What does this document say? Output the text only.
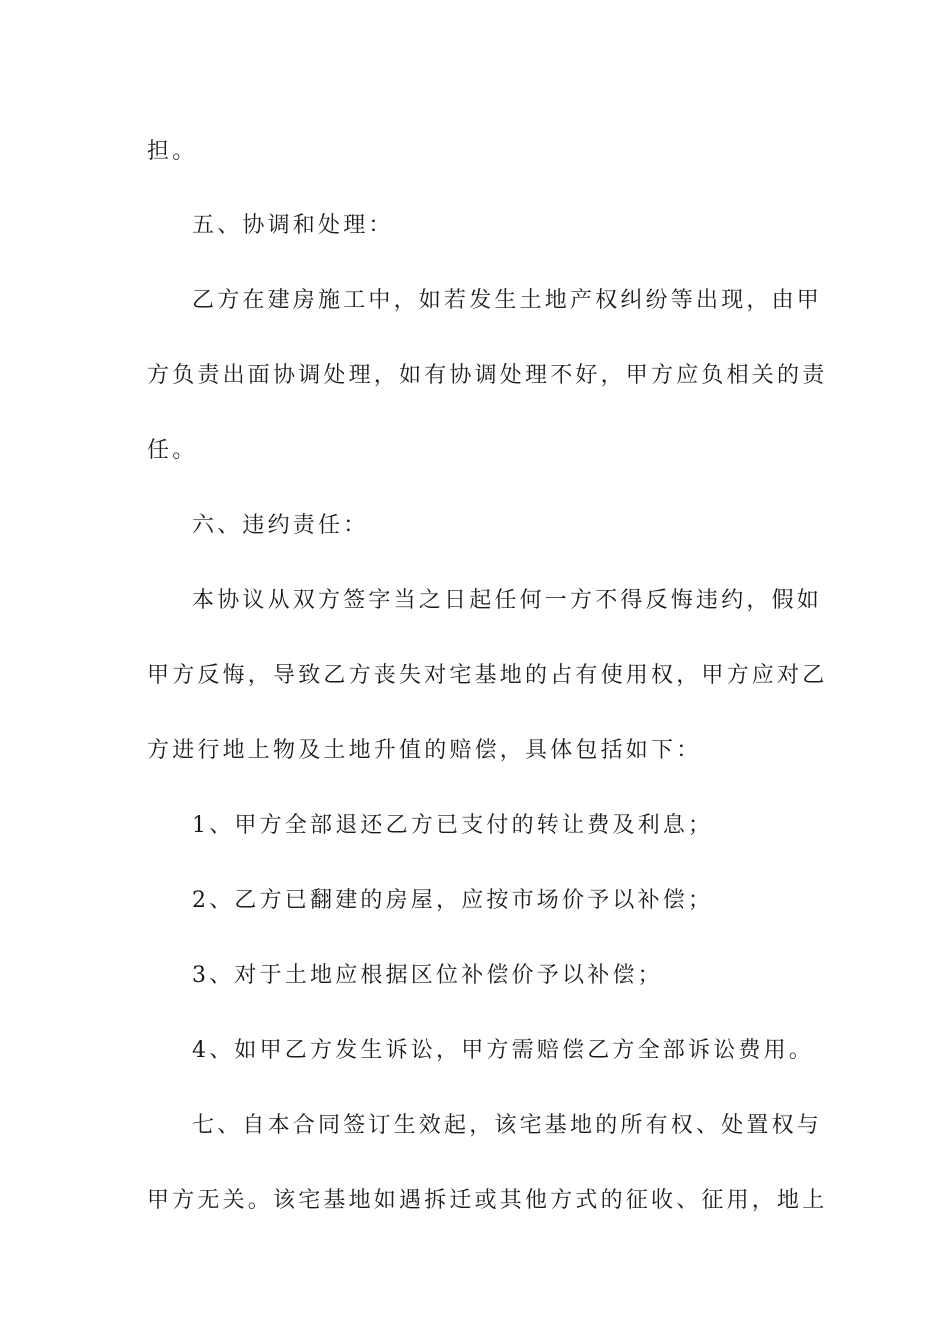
担。
五、协调和处理：
乙方在建房施工中，如若发生土地产权纠纷等出现，由甲
方负责出面协调处理，如有协调处理不好，甲方应负相关的责
任。
六、违约责任：
本协议从双方签字当之日起任何一方不得反悔违约，假如
甲方反悔，导致乙方丧失对宅基地的占有使用权，甲方应对乙
方进行地上物及土地升值的赔偿，具体包括如下：
1、甲方全部退还乙方已支付的转让费及利息；
2、乙方已翻建的房屋，应按市场价予以补偿；
3、对于土地应根据区位补偿价予以补偿；
4、如甲乙方发生诉讼，甲方需赔偿乙方全部诉讼费用。
七、自本合同签订生效起，该宅基地的所有权、处置权与
甲方无关。该宅基地如遇拆迁或其他方式的征收、征用，地上
